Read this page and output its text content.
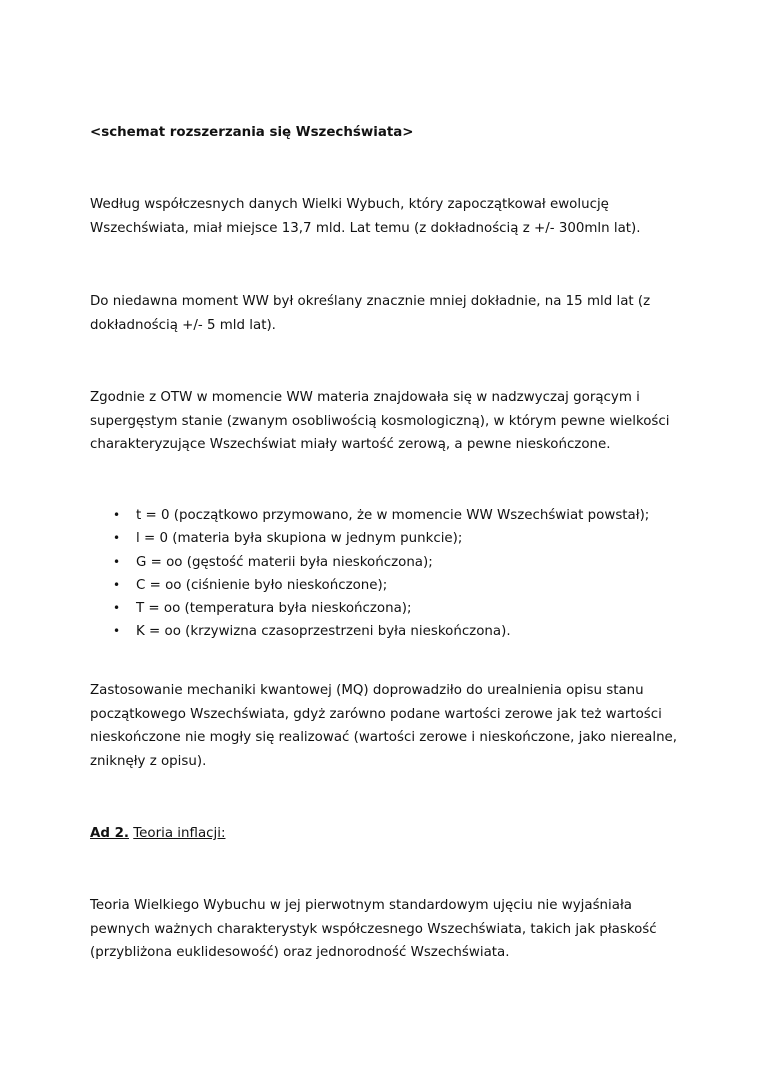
<schemat rozszerzania się Wszechświata>
Według współczesnych danych Wielki Wybuch, który zapoczątkował ewolucję
Wszechświata, miał miejsce 13,7 mld. Lat temu (z dokładnością z +/- 300mln lat).
Do niedawna moment WW był określany znacznie mniej dokładnie, na 15 mld lat (z
dokładnością +/- 5 mld lat).
Zgodnie z OTW w momencie WW materia znajdowała się w nadzwyczaj gorącym i
supergęstym stanie (zwanym osobliwością kosmologiczną), w którym pewne wielkości
charakteryzujące Wszechświat miały wartość zerową, a pewne nieskończone.
• t = 0 (początkowo przymowano, że w momencie WW Wszechświat powstał);
• l = 0 (materia była skupiona w jednym punkcie);
• G = oo (gęstość materii była nieskończona);
• C = oo (ciśnienie było nieskończone);
• T = oo (temperatura była nieskończona);
• K = oo (krzywizna czasoprzestrzeni była nieskończona).
Zastosowanie mechaniki kwantowej (MQ) doprowadziło do urealnienia opisu stanu
początkowego Wszechświata, gdyż zarówno podane wartości zerowe jak też wartości
nieskończone nie mogły się realizować (wartości zerowe i nieskończone, jako nierealne,
zniknęły z opisu).
Ad 2. Teoria inflacji:
Teoria Wielkiego Wybuchu w jej pierwotnym standardowym ujęciu nie wyjaśniała
pewnych ważnych charakterystyk współczesnego Wszechświata, takich jak płaskość
(przybliżona euklidesowość) oraz jednorodność Wszechświata.
